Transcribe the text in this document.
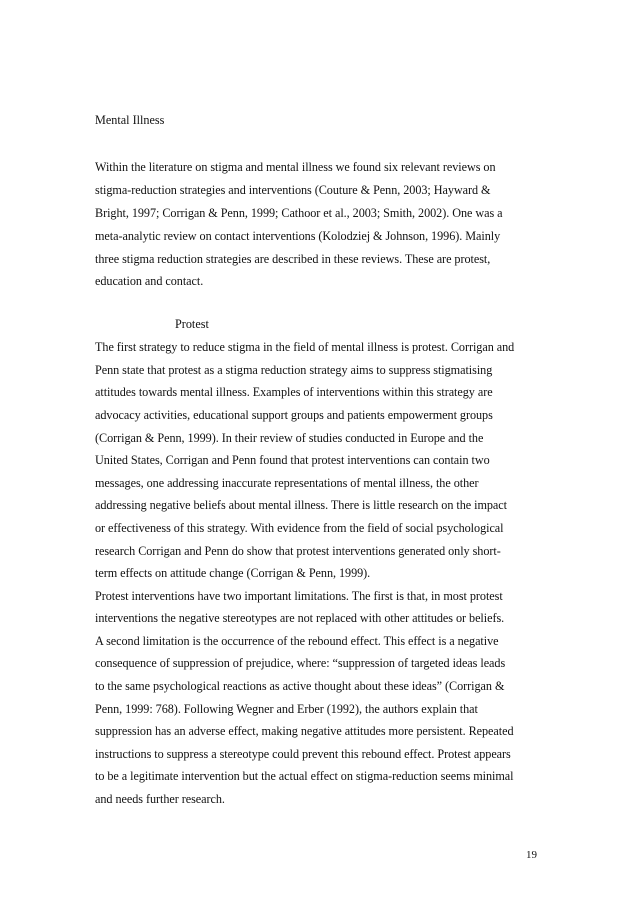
Mental Illness
Within the literature on stigma and mental illness we found six relevant reviews on
stigma-reduction strategies and interventions (Couture & Penn, 2003; Hayward &
Bright, 1997; Corrigan & Penn, 1999; Cathoor et al., 2003; Smith, 2002). One was a
meta-analytic review on contact interventions (Kolodziej & Johnson, 1996). Mainly
three stigma reduction strategies are described in these reviews. These are protest,
education and contact.
Protest
The first strategy to reduce stigma in the field of mental illness is protest. Corrigan and
Penn state that protest as a stigma reduction strategy aims to suppress stigmatising
attitudes towards mental illness. Examples of interventions within this strategy are
advocacy activities, educational support groups and patients empowerment groups
(Corrigan & Penn, 1999). In their review of studies conducted in Europe and the
United States, Corrigan and Penn found that protest interventions can contain two
messages, one addressing inaccurate representations of mental illness, the other
addressing negative beliefs about mental illness. There is little research on the impact
or effectiveness of this strategy. With evidence from the field of social psychological
research Corrigan and Penn do show that protest interventions generated only short-
term effects on attitude change (Corrigan & Penn, 1999).
Protest interventions have two important limitations. The first is that, in most protest
interventions the negative stereotypes are not replaced with other attitudes or beliefs.
A second limitation is the occurrence of the rebound effect. This effect is a negative
consequence of suppression of prejudice, where: “suppression of targeted ideas leads
to the same psychological reactions as active thought about these ideas” (Corrigan &
Penn, 1999: 768). Following Wegner and Erber (1992), the authors explain that
suppression has an adverse effect, making negative attitudes more persistent. Repeated
instructions to suppress a stereotype could prevent this rebound effect. Protest appears
to be a legitimate intervention but the actual effect on stigma-reduction seems minimal
and needs further research.
19
